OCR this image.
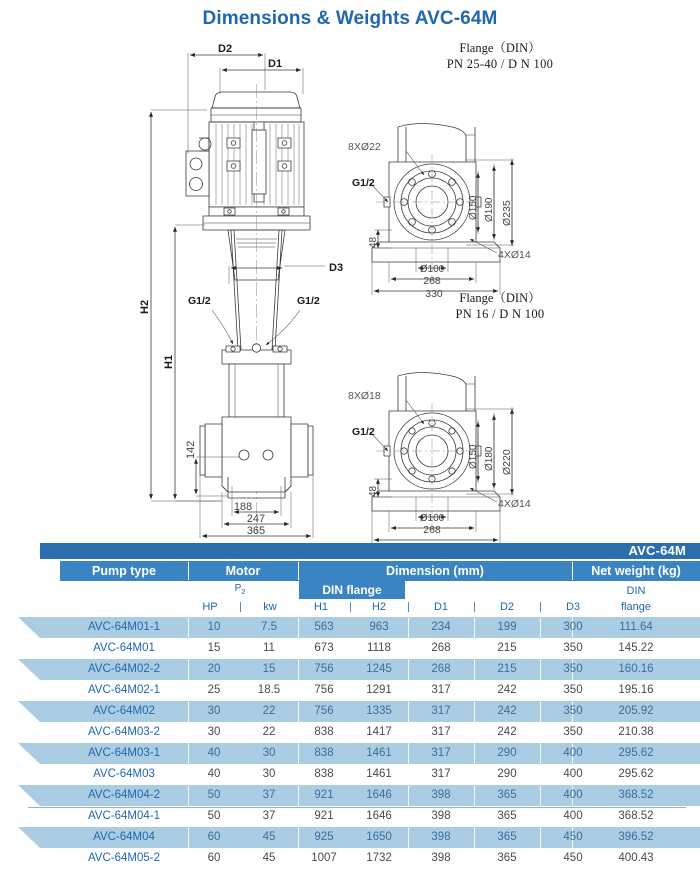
Dimensions & Weights AVC-64M
Flange（DIN）
PN 25-40 / D N 100
Flange（DIN）
PN 16 / D N 100
D2
D1
D3
H2
H1
G1/2	G1/2
142
188
247
365
8XØ22
G1/2
4XØ14
Ø150 Ø190 Ø235
48
Ø100
268
330
8XØ18
G1/2
4XØ14
Ø150 Ø180 Ø220
48
Ø100
268
AVC-64M
Pump type	Motor	Dimension (mm)	Net weight (kg)
DIN flange
$P_2$
HP	kw	H1	H2	D1	D2	D3
DIN
flange
AVC-64M01-1	10	7.5	563	963	234	199	300	111.64
AVC-64M01	15	11	673	1118	268	215	350	145.22
AVC-64M02-2	20	15	756	1245	268	215	350	160.16
AVC-64M02-1	25	18.5	756	1291	317	242	350	195.16
AVC-64M02	30	22	756	1335	317	242	350	205.92
AVC-64M03-2	30	22	838	1417	317	242	350	210.38
AVC-64M03-1	40	30	838	1461	317	290	400	295.62
AVC-64M03	40	30	838	1461	317	290	400	295.62
AVC-64M04-2	50	37	921	1646	398	365	400	368.52
AVC-64M04-1	50	37	921	1646	398	365	400	368.52
AVC-64M04	60	45	925	1650	398	365	450	396.52
AVC-64M05-2	60	45	1007	1732	398	365	450	400.43
